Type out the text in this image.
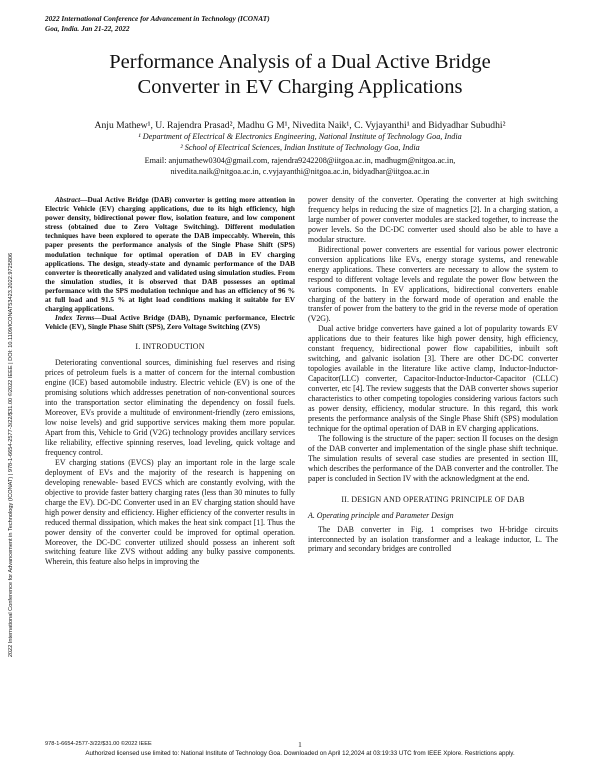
2022 International Conference for Advancement in Technology (ICONAT)
Goa, India. Jan 21-22, 2022
Performance Analysis of a Dual Active Bridge
Converter in EV Charging Applications
Anju Mathew¹, U. Rajendra Prasad², Madhu G M¹, Nivedita Naik¹, C. Vyjayanthi¹ and Bidyadhar Subudhi²
¹ Department of Electrical & Electronics Engineering, National Institute of Technology Goa, India
² School of Electrical Sciences, Indian Institute of Technology Goa, India
Email: anjumathew0304@gmail.com, rajendra9242208@iitgoa.ac.in, madhugm@nitgoa.ac.in,
nivedita.naik@nitgoa.ac.in, c.vyjayanthi@nitgoa.ac.in, bidyadhar@iitgoa.ac.in
2022 International Conference for Advancement in Technology (ICONAT) | 978-1-6654-2577-3/22/$31.00 ©2022 IEEE | DOI: 10.1109/ICONAT53423.2022.9725806

Abstract—Dual Active Bridge (DAB) converter is getting more attention in Electric Vehicle (EV) charging applications, due to its high efficiency, high power density, bidirectional power flow, isolation feature, and low component stress (obtained due to Zero Voltage Switching). Different modulation techniques have been explored to operate the DAB impeccably. Wherein, this paper presents the performance analysis of the Single Phase Shift (SPS) modulation technique for optimal operation of DAB in EV charging applications. The design, steady-state and dynamic performance of the DAB converter is theoretically analyzed and validated using simulation studies. From the simulation studies, it is observed that DAB possesses an optimal performance with the SPS modulation technique and has an efficiency of 96 % at full load and 91.5 % at light load conditions making it suitable for EV charging applications.

Index Terms—Dual Active Bridge (DAB), Dynamic performance, Electric Vehicle (EV), Single Phase Shift (SPS), Zero Voltage Switching (ZVS)

I. INTRODUCTION

Deteriorating conventional sources, diminishing fuel reserves and rising prices of petroleum fuels is a matter of concern for the internal combustion engine (ICE) based automobile industry. Electric vehicle (EV) is one of the promising solutions which addresses penetration of non-conventional sources into the transportation sector eliminating the dependency on fossil fuels. Moreover, EVs provide a multitude of environment-friendly (zero emissions, low noise levels) and grid supportive services making them more popular. Apart from this, Vehicle to Grid (V2G) technology provides ancillary services like reliability, effective spinning reserves, load leveling, quick voltage and frequency control.

EV charging stations (EVCS) play an important role in the large scale deployment of EVs and the majority of the research is happening on developing renewable- based EVCS which are constantly evolving, with the objective to provide faster battery charging rates (less than 30 minutes to fully charge the EV). DC-DC Converter used in an EV charging station should have high power density and efficiency. Higher efficiency of the converter results in reduced thermal dissipation, which makes the heat sink compact [1]. Thus the power density of the converter could be improved for optimal operation. Moreover, the DC-DC converter utilized should possess an inherent soft switching feature like ZVS without adding any bulky passive components. Wherein, this feature also helps in improving the

power density of the converter. Operating the converter at high switching frequency helps in reducing the size of magnetics [2]. In a charging station, a large number of power converter modules are stacked together, to increase the power levels. So the DC-DC converter used should also be able to have a modular structure.

Bidirectional power converters are essential for various power electronic conversion applications like EVs, energy storage systems, and renewable energy applications. These converters are necessary to allow the system to respond to different voltage levels and regulate the power flow between the various components. In EV applications, bidirectional converters enable charging of the battery in the forward mode of operation and enable the transfer of power from the battery to the grid in the reverse mode of operation (V2G).

Dual active bridge converters have gained a lot of popularity towards EV applications due to their features like high power density, high efficiency, constant frequency, bidirectional power flow capabilities, inbuilt soft switching, and galvanic isolation [3]. There are other DC-DC converter topologies available in the literature like active clamp, Inductor-Inductor-Capacitor(LLC) converter, Capacitor-Inductor-Inductor-Capacitor (CLLC) converter, etc [4]. The review suggests that the DAB converter shows superior characteristics to other competing topologies considering various factors such as power density, efficiency, modular structure. In this regard, this work presents the performance analysis of the Single Phase Shift (SPS) modulation technique for the optimal operation of DAB in EV charging applications.

The following is the structure of the paper: section II focuses on the design of the DAB converter and implementation of the single phase shift technique. The simulation results of several case studies are presented in section III, which describes the performance of the DAB converter and the controller. The paper is concluded in Section IV with the acknowledgment at the end.

II. DESIGN AND OPERATING PRINCIPLE OF DAB
A. Operating principle and Parameter Design

The DAB converter in Fig. 1 comprises two H-bridge circuits interconnected by an isolation transformer and a leakage inductor, L. The primary and secondary bridges are controlled

978-1-6654-2577-3/22/$31.00 ©2022 IEEE	1
Authorized licensed use limited to: National Institute of Technology Goa. Downloaded on April 12,2024 at 03:19:33 UTC from IEEE Xplore. Restrictions apply.
